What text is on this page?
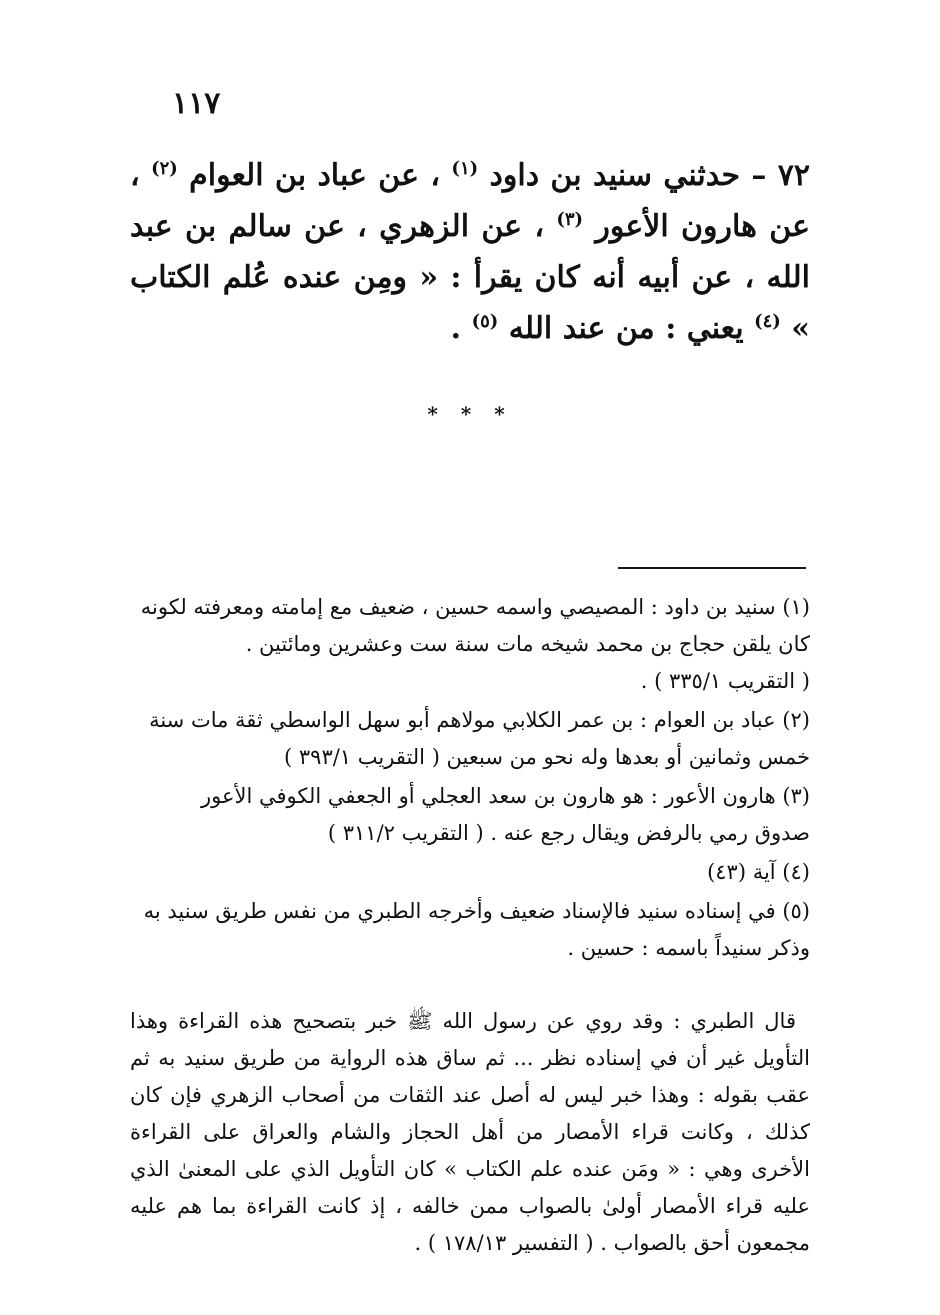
١١٧

٧٢ – حدثني سنيد بن داود $^{(١)}$ ، عن عباد بن العوام $^{(٢)}$ ، عن هارون الأعور $^{(٣)}$ ، عن الزهري ، عن سالم بن عبد الله ، عن أبيه أنه كان يقرأ : « ومِن عنده عُلم الكتاب » $^{(٤)}$ يعني : من عند الله $^{(٥)}$ .

* * *
(١) سنيد بن داود : المصيصي واسمه حسين ، ضعيف مع إمامته ومعرفته لكونه
كان يلقن حجاج بن محمد شيخه مات سنة ست وعشرين ومائتين .
( التقريب ٣٣٥/١ ) .
(٢) عباد بن العوام : بن عمر الكلابي مولاهم أبو سهل الواسطي ثقة مات سنة
خمس وثمانين أو بعدها وله نحو من سبعين ( التقريب ٣٩٣/١ )
(٣) هارون الأعور : هو هارون بن سعد العجلي أو الجعفي الكوفي الأعور
صدوق رمي بالرفض ويقال رجع عنه . ( التقريب ٣١١/٢ )
(٤) آية (٤٣)
(٥) في إسناده سنيد فالإسناد ضعيف وأخرجه الطبري من نفس طريق سنيد به
وذكر سنيداً باسمه : حسين .

قال الطبري : وقد روي عن رسول الله ﷺ خبر بتصحيح هذه القراءة وهذا التأويل غير أن في إسناده نظر ... ثم ساق هذه الرواية من طريق سنيد به ثم عقب بقوله : وهذا خبر ليس له أصل عند الثقات من أصحاب الزهري فإن كان كذلك ، وكانت قراء الأمصار من أهل الحجاز والشام والعراق على القراءة الأخرى وهي : « ومَن عنده علم الكتاب » كان التأويل الذي على المعنىٰ الذي عليه قراء الأمصار أولىٰ بالصواب ممن خالفه ، إذ كانت القراءة بما هم عليه مجمعون أحق بالصواب . ( التفسير ١٧٨/١٣ ) .
